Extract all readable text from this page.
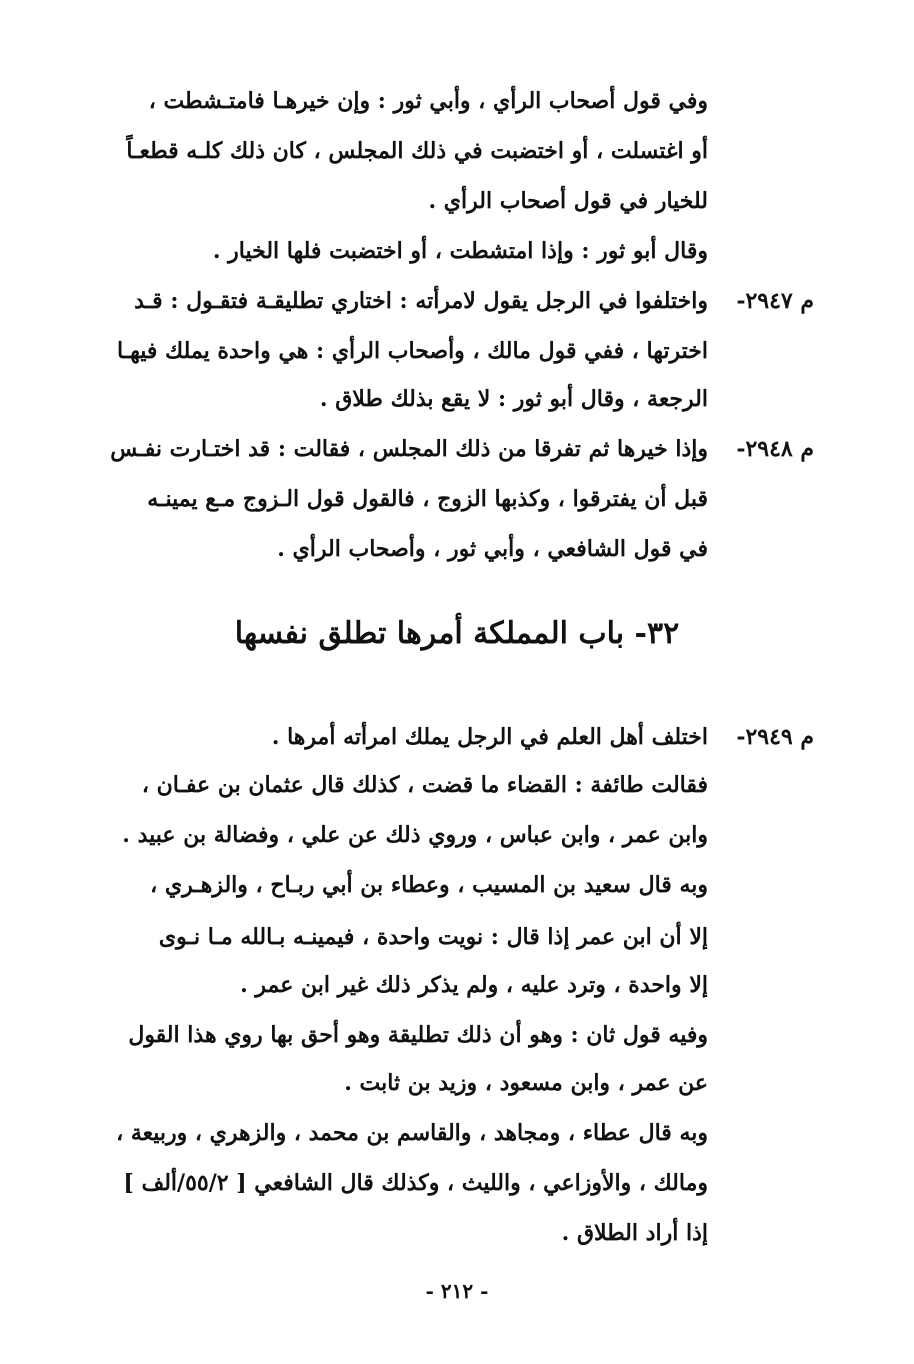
وفي قول أصحاب الرأي ، وأبي ثور : وإن خيرهـا فامتـشطت ،
أو اغتسلت ، أو اختضبت في ذلك المجلس ، كان ذلك كلـه قطعـاً
للخيار في قول أصحاب الرأي .
وقال أبو ثور : وإذا امتشطت ، أو اختضبت فلها الخيار .
م ٢٩٤٧-
واختلفوا في الرجل يقول لامرأته : اختاري تطليقـة فتقـول : قـد
اخترتها ، ففي قول مالك ، وأصحاب الرأي : هي واحدة يملك فيهـا
الرجعة ، وقال أبو ثور : لا يقع بذلك طلاق .
م ٢٩٤٨-
وإذا خيرها ثم تفرقا من ذلك المجلس ، فقالت : قد اختـارت نفـس
قبل أن يفترقوا ، وكذبها الزوج ، فالقول قول الـزوج مـع يمينـه
في قول الشافعي ، وأبي ثور ، وأصحاب الرأي .
٣٢- باب المملكة أمرها تطلق نفسها
م ٢٩٤٩-
اختلف أهل العلم في الرجل يملك امرأته أمرها .
فقالت طائفة : القضاء ما قضت ، كذلك قال عثمان بن عفـان ،
وابن عمر ، وابن عباس ، وروي ذلك عن علي ، وفضالة بن عبيد .
وبه قال سعيد بن المسيب ، وعطاء بن أبي ربـاح ، والزهـري ،
إلا أن ابن عمر إذا قال : نويت واحدة ، فيمينـه بـالله مـا نـوى
إلا واحدة ، وترد عليه ، ولم يذكر ذلك غير ابن عمر .
وفيه قول ثان : وهو أن ذلك تطليقة وهو أحق بها روي هذا القول
عن عمر ، وابن مسعود ، وزيد بن ثابت .
وبه قال عطاء ، ومجاهد ، والقاسم بن محمد ، والزهري ، وربيعة ،
ومالك ، والأوزاعي ، والليث ، وكذلك قال الشافعي [ ٥٥/٢/ألف ]
إذا أراد الطلاق .
- ٢١٢ -
